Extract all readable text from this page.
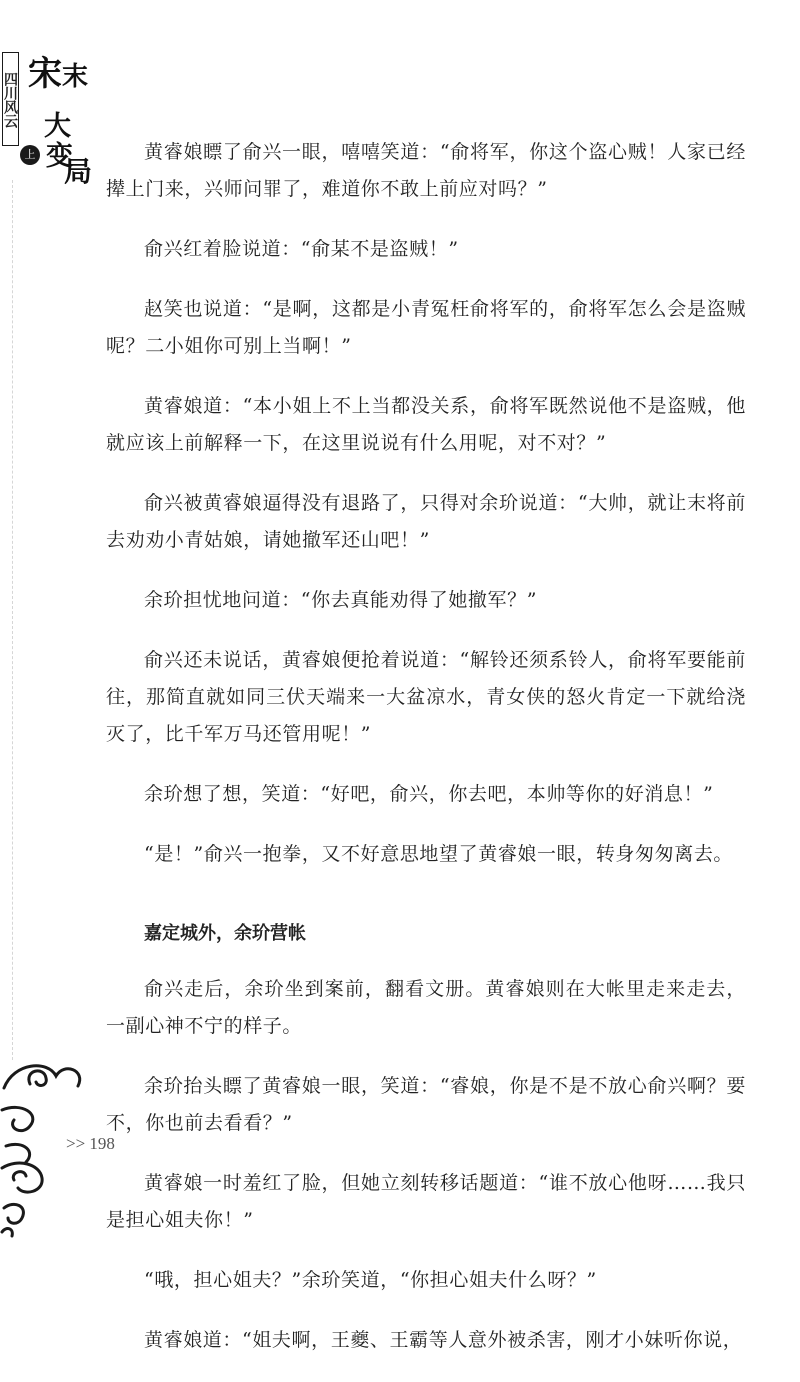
四川风云 宋 末
大
变
局
上	黄睿娘瞟了俞兴一眼，嘻嘻笑道：“俞将军，你这个盗心贼！人家已经撵上门来，兴师问罪了，难道你不敢上前应对吗？”

俞兴红着脸说道：“俞某不是盗贼！”

赵笑也说道：“是啊，这都是小青冤枉俞将军的，俞将军怎么会是盗贼呢？二小姐你可别上当啊！”

黄睿娘道：“本小姐上不上当都没关系，俞将军既然说他不是盗贼，他就应该上前解释一下，在这里说说有什么用呢，对不对？”

俞兴被黄睿娘逼得没有退路了，只得对余玠说道：“大帅，就让末将前去劝劝小青姑娘，请她撤军还山吧！”

余玠担忧地问道：“你去真能劝得了她撤军？”

俞兴还未说话，黄睿娘便抢着说道：“解铃还须系铃人，俞将军要能前往，那简直就如同三伏天端来一大盆凉水，青女侠的怒火肯定一下就给浇灭了，比千军万马还管用呢！”

余玠想了想，笑道：“好吧，俞兴，你去吧，本帅等你的好消息！”

“是！”俞兴一抱拳，又不好意思地望了黄睿娘一眼，转身匆匆离去。

嘉定城外，余玠营帐

俞兴走后，余玠坐到案前，翻看文册。黄睿娘则在大帐里走来走去，一副心神不宁的样子。

余玠抬头瞟了黄睿娘一眼，笑道：“睿娘，你是不是不放心俞兴啊？要不，你也前去看看？”

黄睿娘一时羞红了脸，但她立刻转移话题道：“谁不放心他呀……我只是担心姐夫你！”

“哦，担心姐夫？”余玠笑道，“你担心姐夫什么呀？”

黄睿娘道：“姐夫啊，王夔、王霸等人意外被杀害，刚才小妹听你说，

>> 198
